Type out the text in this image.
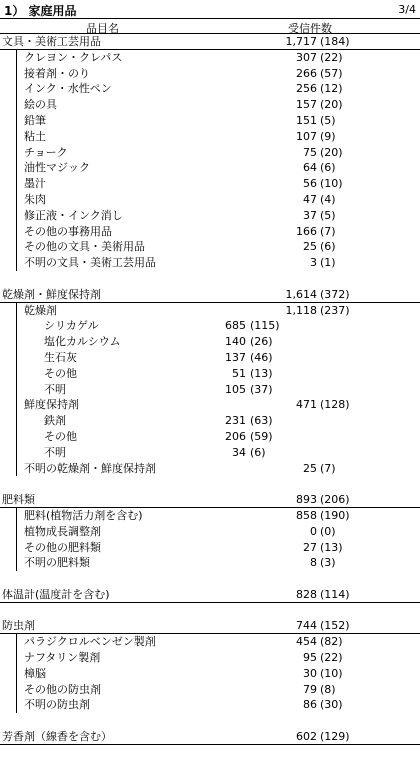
1） 家庭用品	3/4
品目名	受信件数
文具・美術工芸用品	1,717 (184)
クレヨン・クレパス	307 (22)
接着剤・のり	266 (57)
インク・水性ペン	256 (12)
絵の具	157 (20)
鉛筆	151 (5)
粘土	107 (9)
チョーク	75 (20)
油性マジック	64 (6)
墨汁	56 (10)
朱肉	47 (4)
修正液・インク消し	37 (5)
その他の事務用品	166 (7)
その他の文具・美術用品	25 (6)
不明の文具・美術工芸用品	3 (1)
乾燥剤・鮮度保持剤	1,614 (372)
乾燥剤	1,118 (237)
シリカゲル	685 (115)
塩化カルシウム	140 (26)
生石灰	137 (46)
その他	51 (13)
不明	105 (37)
鮮度保持剤	471 (128)
鉄剤	231 (63)
その他	206 (59)
不明	34 (6)
不明の乾燥剤・鮮度保持剤	25 (7)
肥料類	893 (206)
肥料(植物活力剤を含む)	858 (190)
植物成長調整剤	0 (0)
その他の肥料類	27 (13)
不明の肥料類	8 (3)
体温計(温度計を含む)	828 (114)
防虫剤	744 (152)
パラジクロルベンゼン製剤	454 (82)
ナフタリン製剤	95 (22)
樟脳	30 (10)
その他の防虫剤	79 (8)
不明の防虫剤	86 (30)
芳香剤（線香を含む）	602 (129)
